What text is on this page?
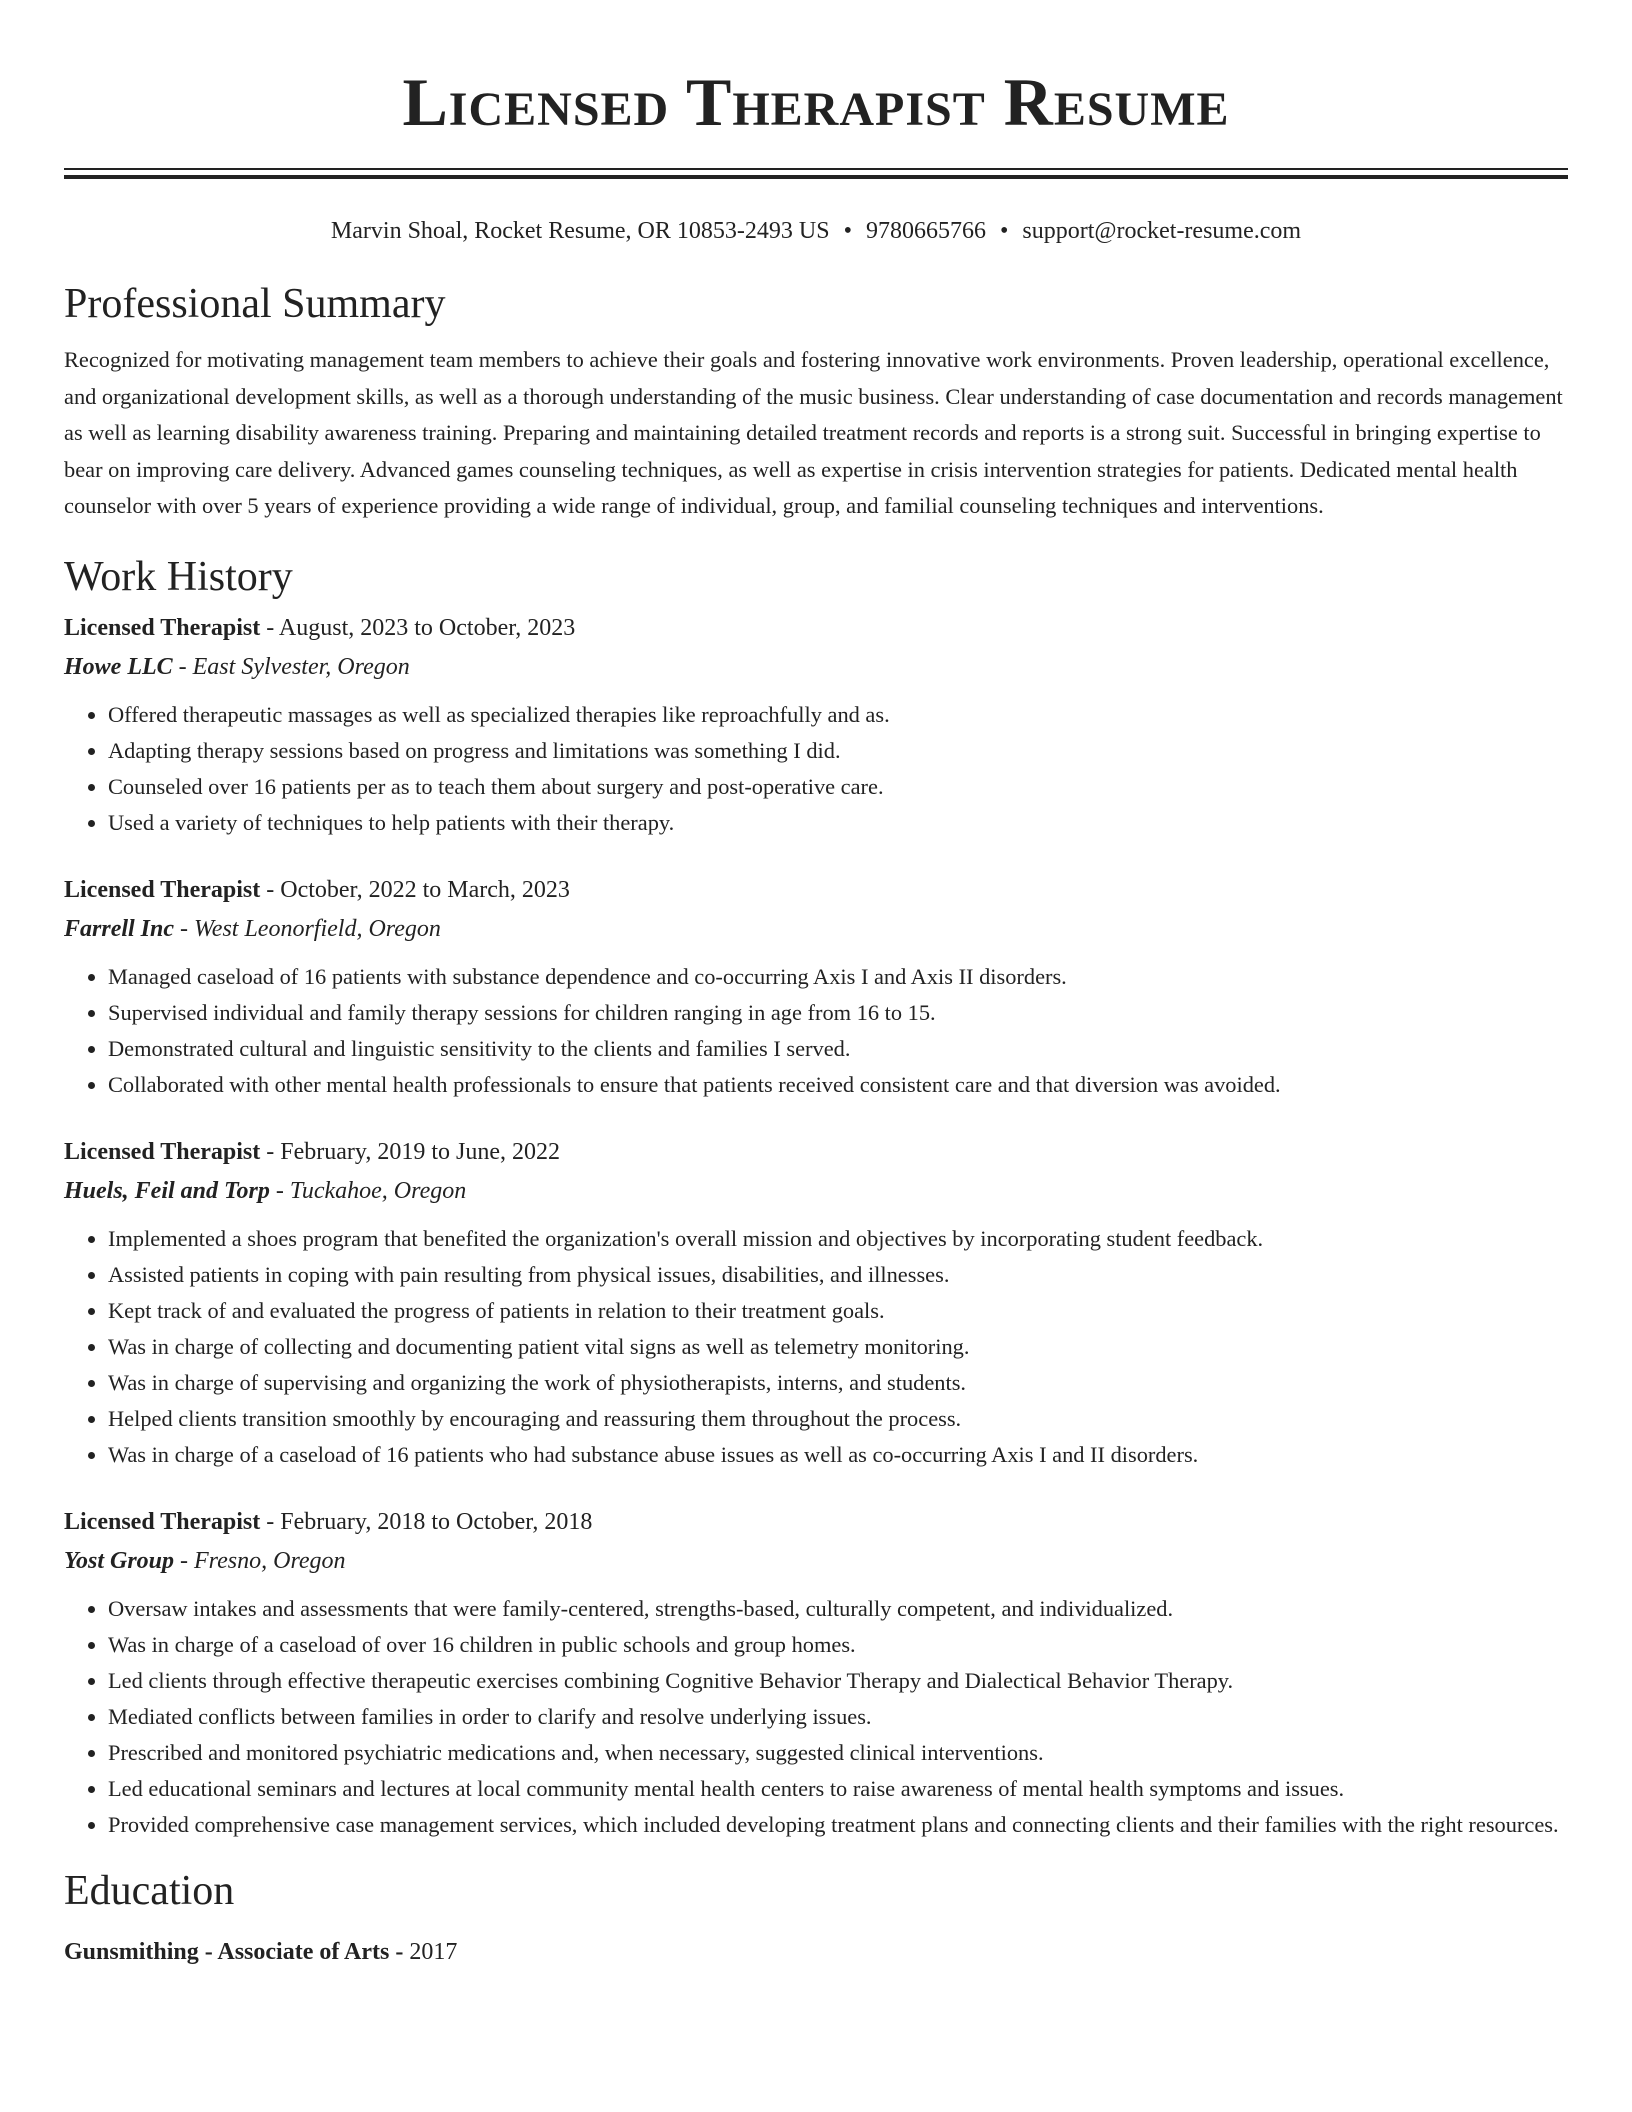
Licensed Therapist Resume
Marvin Shoal, Rocket Resume, OR 10853-2493 US • 9780665766 • support@rocket-resume.com
Professional Summary

Recognized for motivating management team members to achieve their goals and fostering innovative work environments. Proven leadership, operational excellence, and organizational development skills, as well as a thorough understanding of the music business. Clear understanding of case documentation and records management as well as learning disability awareness training. Preparing and maintaining detailed treatment records and reports is a strong suit. Successful in bringing expertise to bear on improving care delivery. Advanced games counseling techniques, as well as expertise in crisis intervention strategies for patients. Dedicated mental health counselor with over 5 years of experience providing a wide range of individual, group, and familial counseling techniques and interventions.

Work History
Licensed Therapist - August, 2023 to October, 2023
Howe LLC - East Sylvester, Oregon
• Offered therapeutic massages as well as specialized therapies like reproachfully and as.
• Adapting therapy sessions based on progress and limitations was something I did.
• Counseled over 16 patients per as to teach them about surgery and post-operative care.
• Used a variety of techniques to help patients with their therapy.
Licensed Therapist - October, 2022 to March, 2023
Farrell Inc - West Leonorfield, Oregon
• Managed caseload of 16 patients with substance dependence and co-occurring Axis I and Axis II disorders.
• Supervised individual and family therapy sessions for children ranging in age from 16 to 15.
• Demonstrated cultural and linguistic sensitivity to the clients and families I served.
• Collaborated with other mental health professionals to ensure that patients received consistent care and that diversion was avoided.
Licensed Therapist - February, 2019 to June, 2022
Huels, Feil and Torp - Tuckahoe, Oregon
• Implemented a shoes program that benefited the organization's overall mission and objectives by incorporating student feedback.
• Assisted patients in coping with pain resulting from physical issues, disabilities, and illnesses.
• Kept track of and evaluated the progress of patients in relation to their treatment goals.
• Was in charge of collecting and documenting patient vital signs as well as telemetry monitoring.
• Was in charge of supervising and organizing the work of physiotherapists, interns, and students.
• Helped clients transition smoothly by encouraging and reassuring them throughout the process.
• Was in charge of a caseload of 16 patients who had substance abuse issues as well as co-occurring Axis I and II disorders.
Licensed Therapist - February, 2018 to October, 2018
Yost Group - Fresno, Oregon
• Oversaw intakes and assessments that were family-centered, strengths-based, culturally competent, and individualized.
• Was in charge of a caseload of over 16 children in public schools and group homes.
• Led clients through effective therapeutic exercises combining Cognitive Behavior Therapy and Dialectical Behavior Therapy.
• Mediated conflicts between families in order to clarify and resolve underlying issues.
• Prescribed and monitored psychiatric medications and, when necessary, suggested clinical interventions.
• Led educational seminars and lectures at local community mental health centers to raise awareness of mental health symptoms and issues.
• Provided comprehensive case management services, which included developing treatment plans and connecting clients and their families with the right resources.
Education
Gunsmithing - Associate of Arts - 2017
